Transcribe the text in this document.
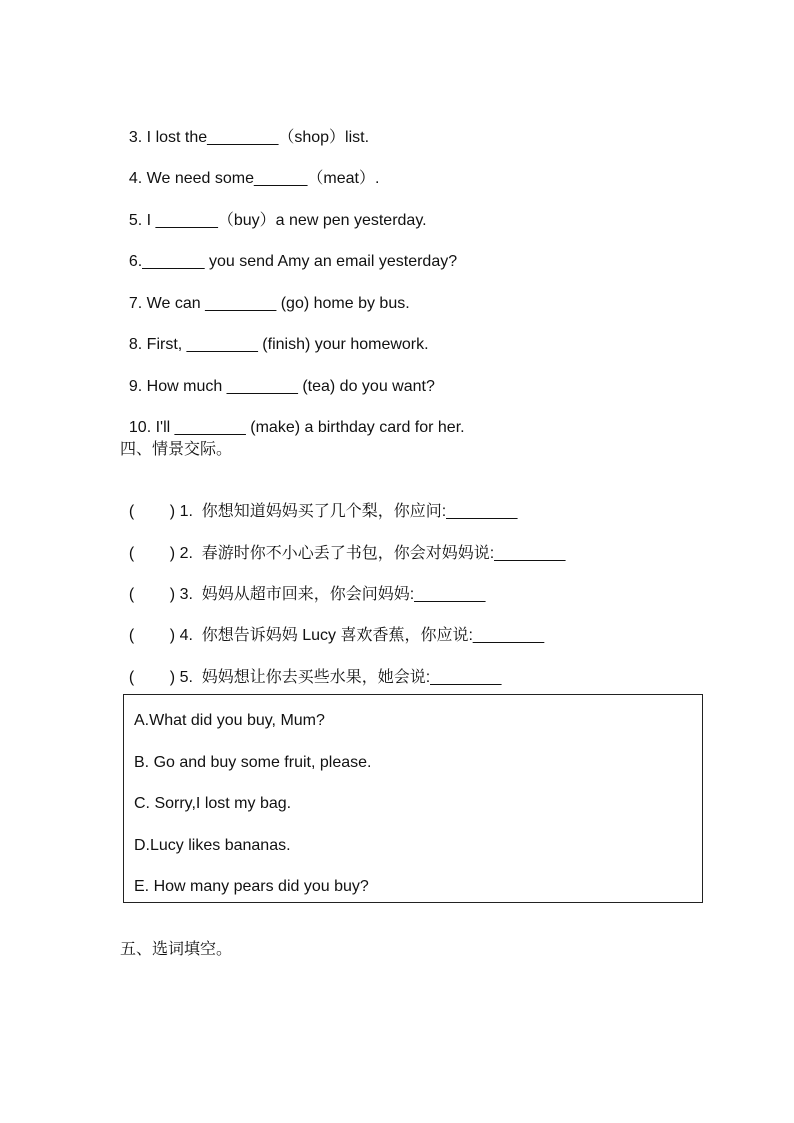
3. I lost the________（shop）list.

4. We need some______（meat）.

5. I _______（buy）a new pen yesterday.

6._______ you send Amy an email yesterday?

7. We can ________ (go) home by bus.

8. First, ________ (finish) your homework.

9. How much ________ (tea) do you want?

10. I'll ________ (make) a birthday card for her.

四、情景交际。

(        ) 1.  你想知道妈妈买了几个梨，你应问:________

(        ) 2.  春游时你不小心丢了书包，你会对妈妈说:________

(        ) 3.  妈妈从超市回来，你会问妈妈:________

(        ) 4.  你想告诉妈妈 Lucy 喜欢香蕉，你应说:________

(        ) 5.  妈妈想让你去买些水果，她会说:________

A.What did you buy, Mum?
B. Go and buy some fruit, please.
C. Sorry,I lost my bag.
D.Lucy likes bananas.
E. How many pears did you buy?
五、选词填空。
